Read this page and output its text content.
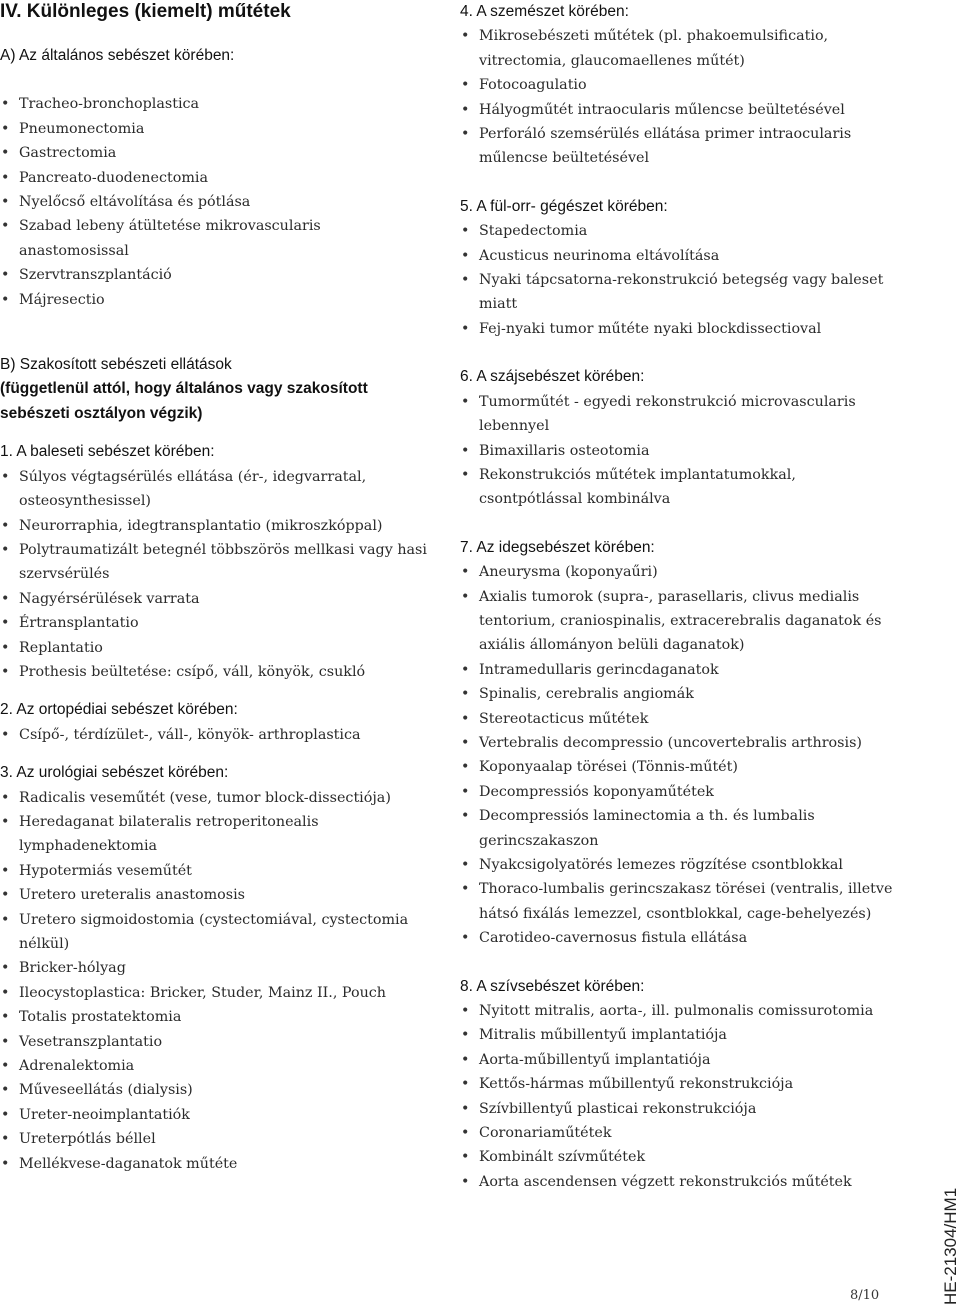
IV. Különleges (kiemelt) műtétek

A) Az általános sebészet körében:

• Tracheo-bronchoplastica
• Pneumonectomia
• Gastrectomia
• Pancreato-duodenectomia
• Nyelőcső eltávolítása és pótlása
• Szabad lebeny átültetése mikrovascularis anastomosissal
• Szervtranszplantáció
• Májresectio

B) Szakosított sebészeti ellátások

(függetlenül attól, hogy általános vagy szakosított sebészeti osztályon végzik)

1. A baleseti sebészet körében:

• Súlyos végtagsérülés ellátása (ér-, idegvarratal, osteosynthesissel)
• Neurorraphia, idegtransplantatio (mikroszkóppal)
• Polytraumatizált betegnél többszörös mellkasi vagy hasi szervsérülés
• Nagyérsérülések varrata
• Értransplantatio
• Replantatio
• Prothesis beültetése: csípő, váll, könyök, csukló

2. Az ortopédiai sebészet körében:

• Csípő-, térdízület-, váll-, könyök- arthroplastica

3. Az urológiai sebészet körében:

• Radicalis veseműtét (vese, tumor block-dissectiója)
• Heredaganat bilateralis retroperitonealis lymphadenektomia
• Hypotermiás veseműtét
• Uretero ureteralis anastomosis
• Uretero sigmoidostomia (cystectomiával, cystectomia nélkül)
• Bricker-hólyag
• Ileocystoplastica: Bricker, Studer, Mainz II., Pouch
• Totalis prostatektomia
• Vesetranszplantatio
• Adrenalektomia
• Műveseellátás (dialysis)
• Ureter-neoimplantatiók
• Ureterpótlás béllel
• Mellékvese-daganatok műtéte

4. A szemészet körében:

• Mikrosebészeti műtétek (pl. phakoemulsificatio, vitrectomia, glaucomaellenes műtét)
• Fotocoagulatio
• Hályogműtét intraocularis műlencse beültetésével
• Perforáló szemsérülés ellátása primer intraocularis műlencse beültetésével

5. A fül-orr- gégészet körében:

• Stapedectomia
• Acusticus neurinoma eltávolítása
• Nyaki tápcsatorna-rekonstrukció betegség vagy baleset miatt
• Fej-nyaki tumor műtéte nyaki blockdissectioval

6. A szájsebészet körében:

• Tumorműtét - egyedi rekonstrukció microvascularis lebennyel
• Bimaxillaris osteotomia
• Rekonstrukciós műtétek implantatumokkal, csontpótlással kombinálva

7. Az idegsebészet körében:

• Aneurysma (koponyaűri)
• Axialis tumorok (supra-, parasellaris, clivus medialis tentorium, craniospinalis, extracerebralis daganatok és axiális állományon belüli daganatok)
• Intramedullaris gerincdaganatok
• Spinalis, cerebralis angiomák
• Stereotacticus műtétek
• Vertebralis decompressio (uncovertebralis arthrosis)
• Koponyaalap törései (Tönnis-műtét)
• Decompressiós koponyaműtétek
• Decompressiós laminectomia a th. és lumbalis gerincszakaszon
• Nyakcsigolyatörés lemezes rögzítése csontblokkal
• Thoraco-lumbalis gerincszakasz törései (ventralis, illetve hátsó fixálás lemezzel, csontblokkal, cage-behelyezés)
• Carotideo-cavernosus fistula ellátása

8. A szívsebészet körében:

• Nyitott mitralis, aorta-, ill. pulmonalis comissurotomia
• Mitralis műbillentyű implantatiója
• Aorta-műbillentyű implantatiója
• Kettős-hármas műbillentyű rekonstrukciója
• Szívbillentyű plasticai rekonstrukciója
• Coronariaműtétek
• Kombinált szívműtétek
• Aorta ascendensen végzett rekonstrukciós műtétek
8/10	HE-21304/HM1
